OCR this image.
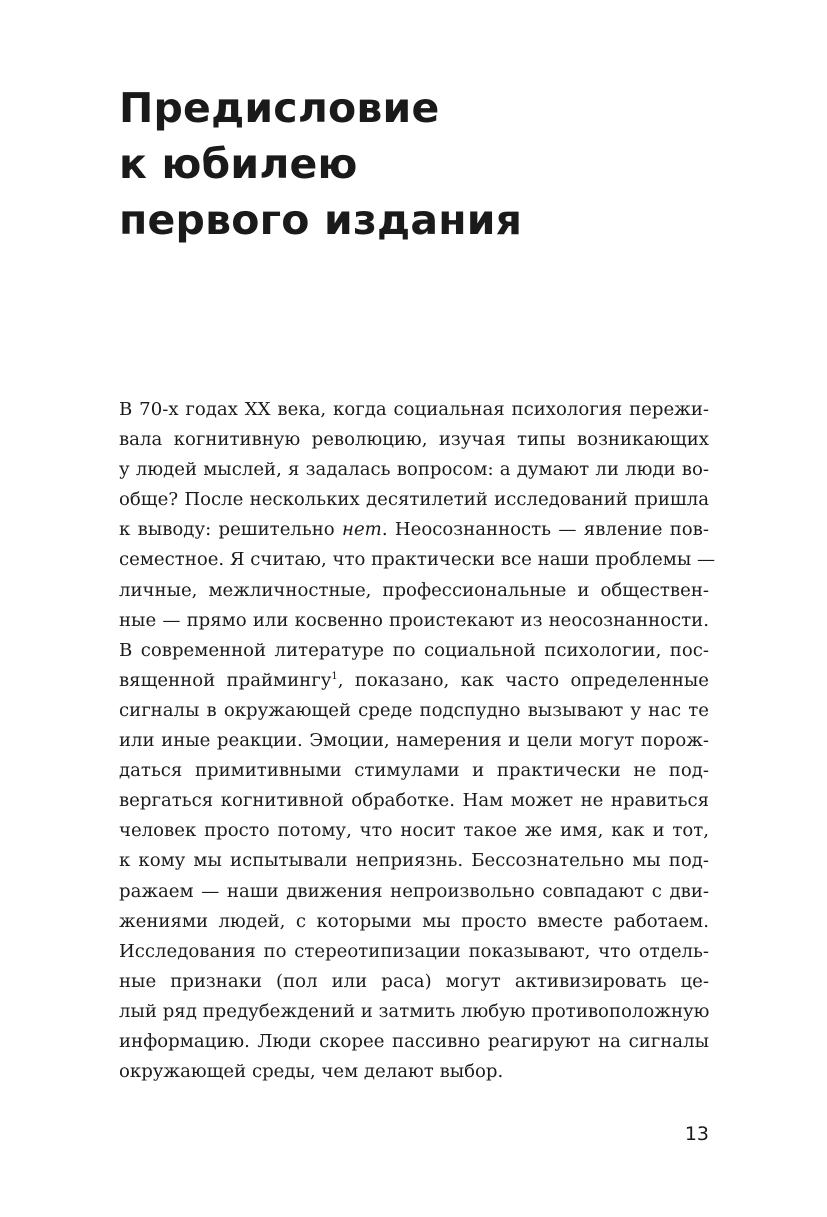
Предисловие
к юбилею
первого издания
В 70-х годах XX века, когда социальная психология пережи-
вала когнитивную революцию, изучая типы возникающих
у людей мыслей, я задалась вопросом: а думают ли люди во-
обще? После нескольких десятилетий исследований пришла
к выводу: решительно нет. Неосознанность — явление пов-
семестное. Я считаю, что практически все наши проблемы —
личные, межличностные, профессиональные и обществен-
ные — прямо или косвенно проистекают из неосознанности.
В современной литературе по социальной психологии, пос-
вященной праймингу$^1$, показано, как часто определенные
сигналы в окружающей среде подспудно вызывают у нас те
или иные реакции. Эмоции, намерения и цели могут порож-
даться примитивными стимулами и практически не под-
вергаться когнитивной обработке. Нам может не нравиться
человек просто потому, что носит такое же имя, как и тот,
к кому мы испытывали неприязнь. Бессознательно мы под-
ражаем — наши движения непроизвольно совпадают с дви-
жениями людей, с которыми мы просто вместе работаем.
Исследования по стереотипизации показывают, что отдель-
ные признаки (пол или раса) могут активизировать це-
лый ряд предубеждений и затмить любую противоположную
информацию. Люди скорее пассивно реагируют на сигналы
окружающей среды, чем делают выбор.
13
